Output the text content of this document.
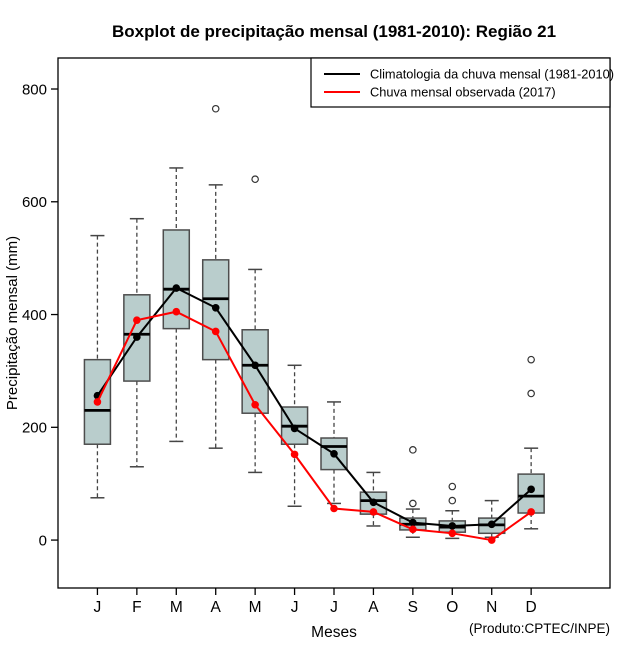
Boxplot de precipitação mensal (1981-2010): Região 21
0
200
400
600
800
Precipitação mensal (mm)
J F M A M J J A S O N D
Meses	(Produto:CPTEC/INPE)
Climatologia da chuva mensal (1981-2010)
Chuva mensal observada (2017)
